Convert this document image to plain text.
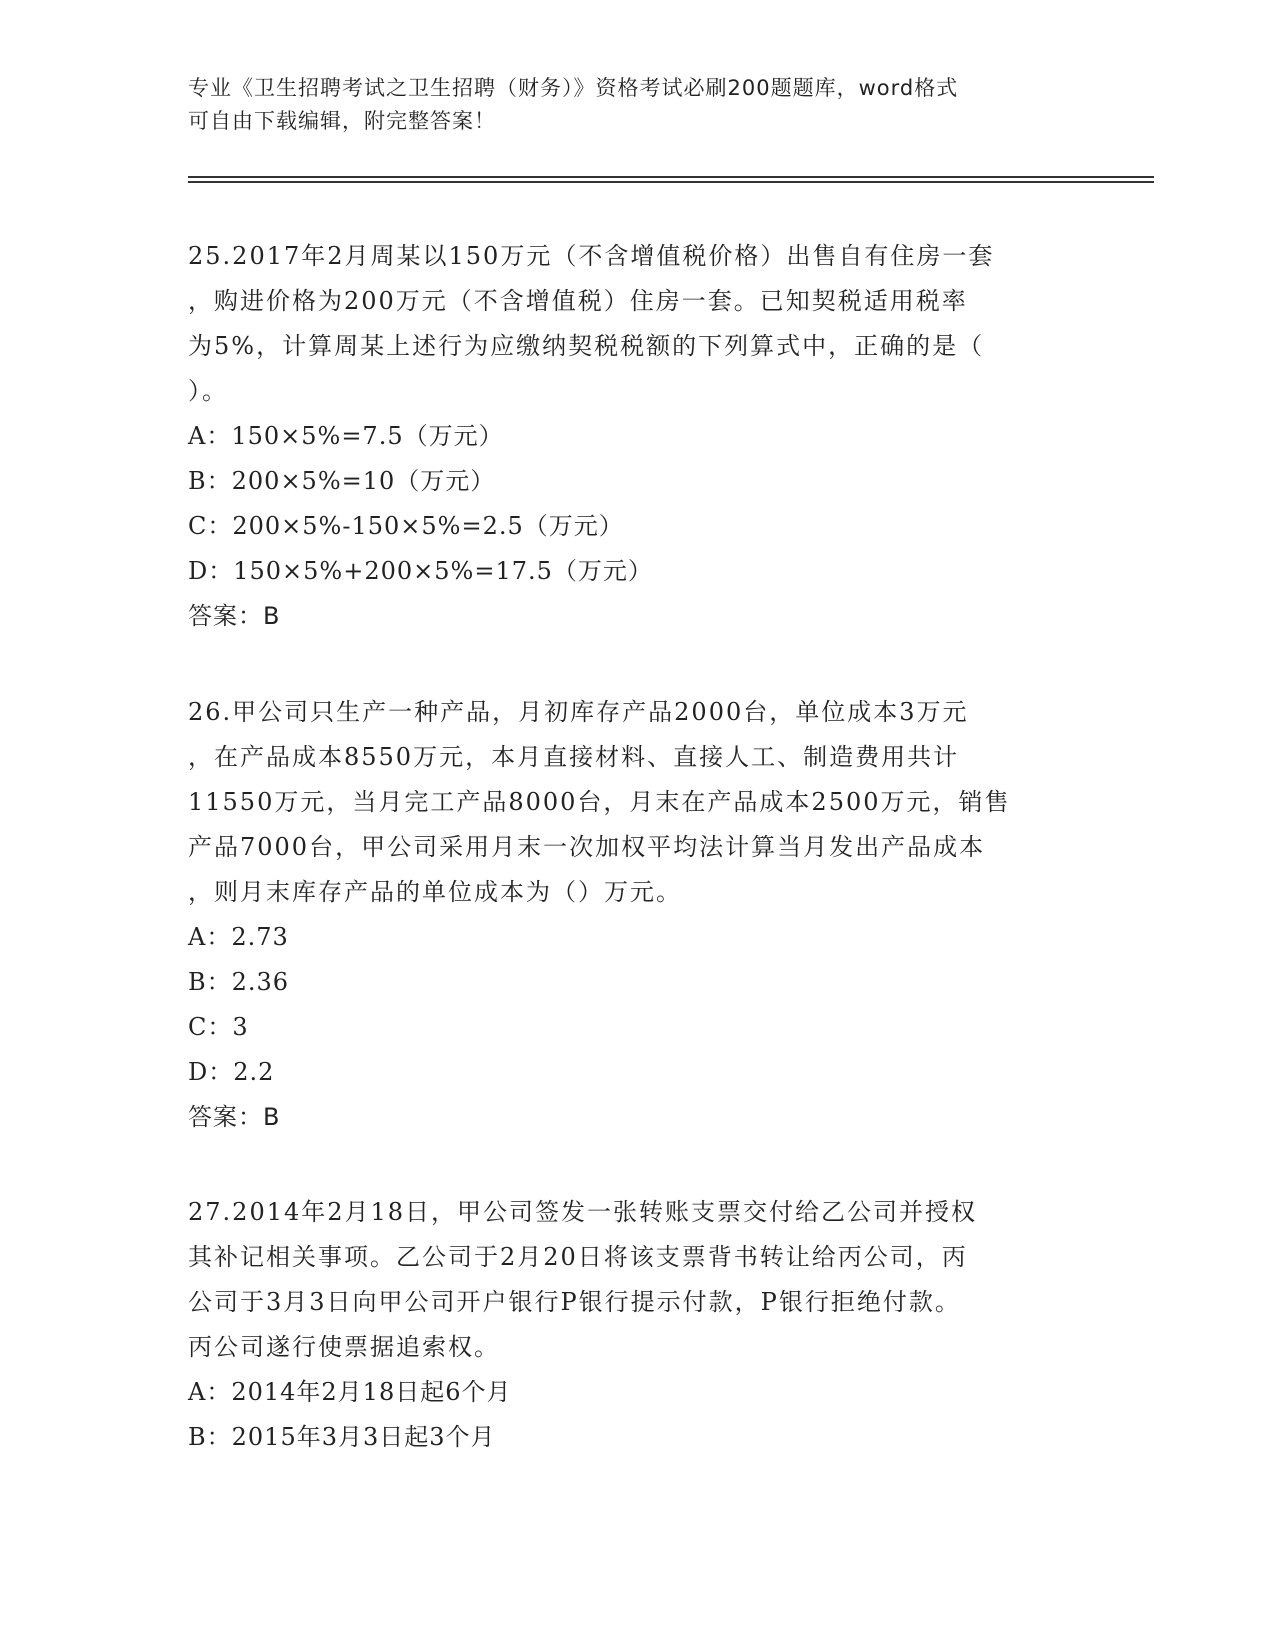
专业《卫生招聘考试之卫生招聘（财务）》资格考试必刷200题题库，word格式
可自由下载编辑，附完整答案！
25.2017年2月周某以150万元（不含增值税价格）出售自有住房一套
，购进价格为200万元（不含增值税）住房一套。已知契税适用税率
为5%，计算周某上述行为应缴纳契税税额的下列算式中，正确的是（
）。
A：150×5%=7.5（万元）
B：200×5%=10（万元）
C：200×5%-150×5%=2.5（万元）
D：150×5%+200×5%=17.5（万元）
答案：B
26.甲公司只生产一种产品，月初库存产品2000台，单位成本3万元
，在产品成本8550万元，本月直接材料、直接人工、制造费用共计
11550万元，当月完工产品8000台，月末在产品成本2500万元，销售
产品7000台，甲公司采用月末一次加权平均法计算当月发出产品成本
，则月末库存产品的单位成本为（）万元。
A：2.73
B：2.36
C：3
D：2.2
答案：B
27.2014年2月18日，甲公司签发一张转账支票交付给乙公司并授权
其补记相关事项。乙公司于2月20日将该支票背书转让给丙公司，丙
公司于3月3日向甲公司开户银行P银行提示付款，P银行拒绝付款。
丙公司遂行使票据追索权。
A：2014年2月18日起6个月
B：2015年3月3日起3个月
